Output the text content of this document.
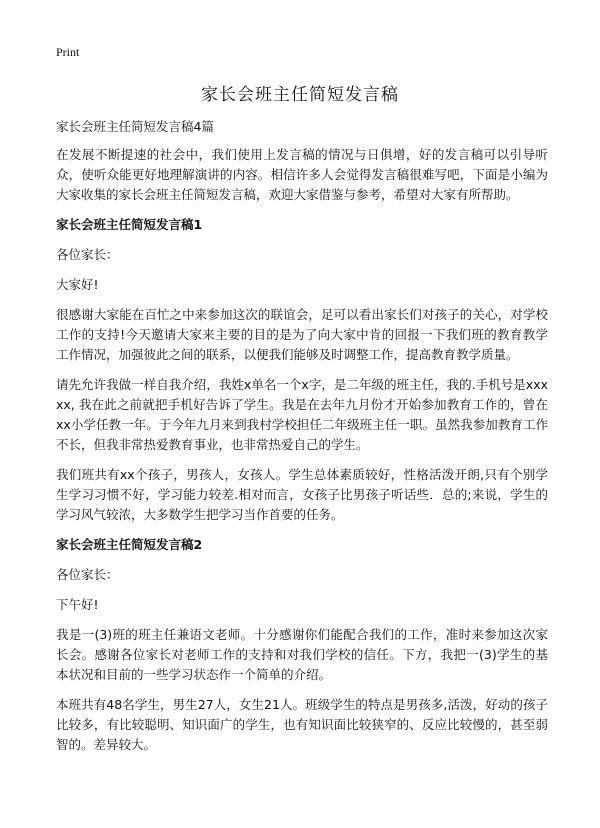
Print
家长会班主任简短发言稿

家长会班主任简短发言稿4篇

在发展不断提速的社会中，我们使用上发言稿的情况与日俱增，好的发言稿可以引导听众，使听众能更好地理解演讲的内容。相信许多人会觉得发言稿很难写吧，下面是小编为大家收集的家长会班主任简短发言稿，欢迎大家借鉴与参考，希望对大家有所帮助。

家长会班主任简短发言稿1

各位家长：

大家好!

很感谢大家能在百忙之中来参加这次的联谊会，足可以看出家长们对孩子的关心，对学校工作的支持!今天邀请大家来主要的目的是为了向大家中肯的回报一下我们班的教育教学工作情况，加强彼此之间的联系，以便我们能够及时调整工作，提高教育教学质量。

请先允许我做一样自我介绍，我姓x单名一个x字，是二年级的班主任，我的.手机号是xxxxx, 我在此之前就把手机好告诉了学生。我是在去年九月份才开始参加教育工作的，曾在xx小学任教一年。于今年九月来到我村学校担任二年级班主任一职。虽然我参加教育工作不长，但我非常热爱教育事业，也非常热爱自己的学生。

我们班共有xx个孩子，男孩人，女孩人。学生总体素质较好，性格活泼开朗,只有个别学生学习习惯不好，学习能力较差.相对而言，女孩子比男孩子听话些．总的;来说，学生的学习风气较浓，大多数学生把学习当作首要的任务。

家长会班主任简短发言稿2

各位家长：

下午好!

我是一(3)班的班主任兼语文老师。十分感谢你们能配合我们的工作，准时来参加这次家长会。感谢各位家长对老师工作的支持和对我们学校的信任。下方，我把一(3)学生的基本状况和目前的一些学习状态作一个简单的介绍。

本班共有48名学生，男生27人，女生21人。班级学生的特点是男孩多,活泼，好动的孩子比较多，有比较聪明、知识面广的学生，也有知识面比较狭窄的、反应比较慢的，甚至弱智的。差异较大。
